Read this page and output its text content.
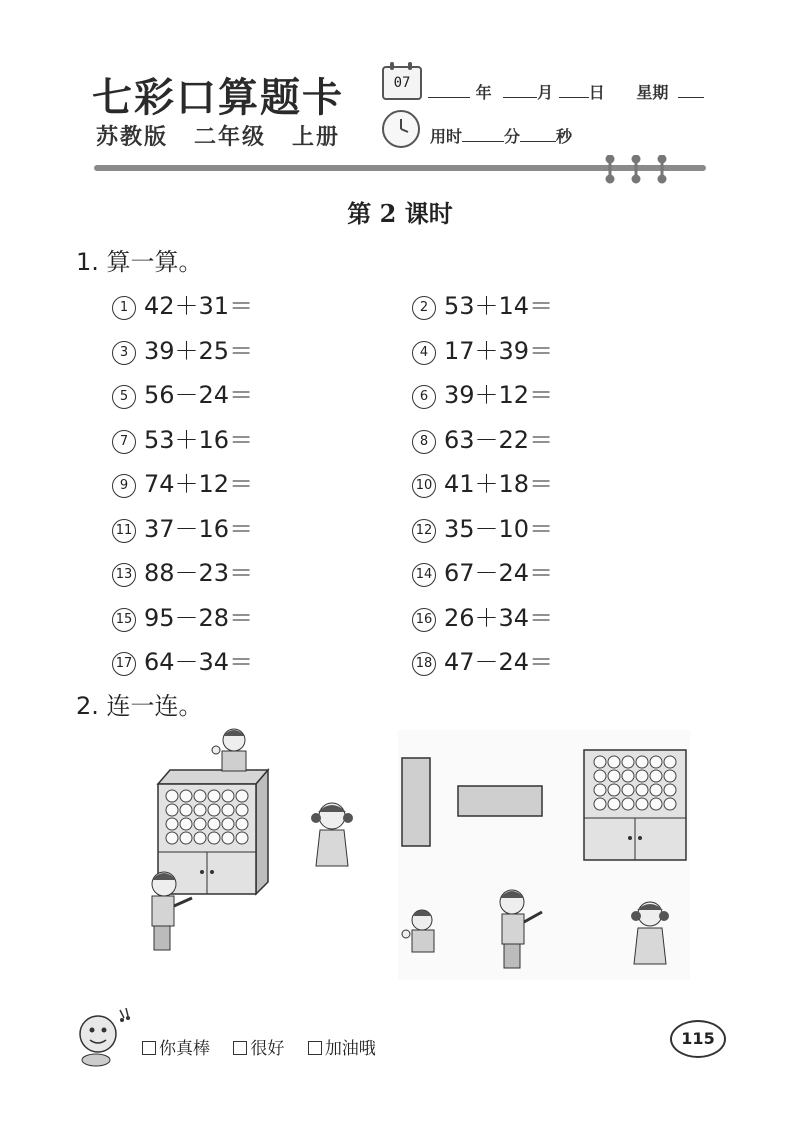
七彩口算题卡
苏教版 二年级 上册
07	年	月 日 星期
用时	分 秒
第 2 课时
1. 算一算。
1 42＋31＝	2 53＋14＝
3 39＋25＝	4 17＋39＝
5 56－24＝	6 39＋12＝
7 53＋16＝	8 63－22＝
9 74＋12＝	10 41＋18＝
11 37－16＝	12 35－10＝
13 88－23＝	14 67－24＝
15 95－28＝	16 26＋34＝
17 64－34＝	18 47－24＝
2. 连一连。
你真棒 很好 加油哦
115
